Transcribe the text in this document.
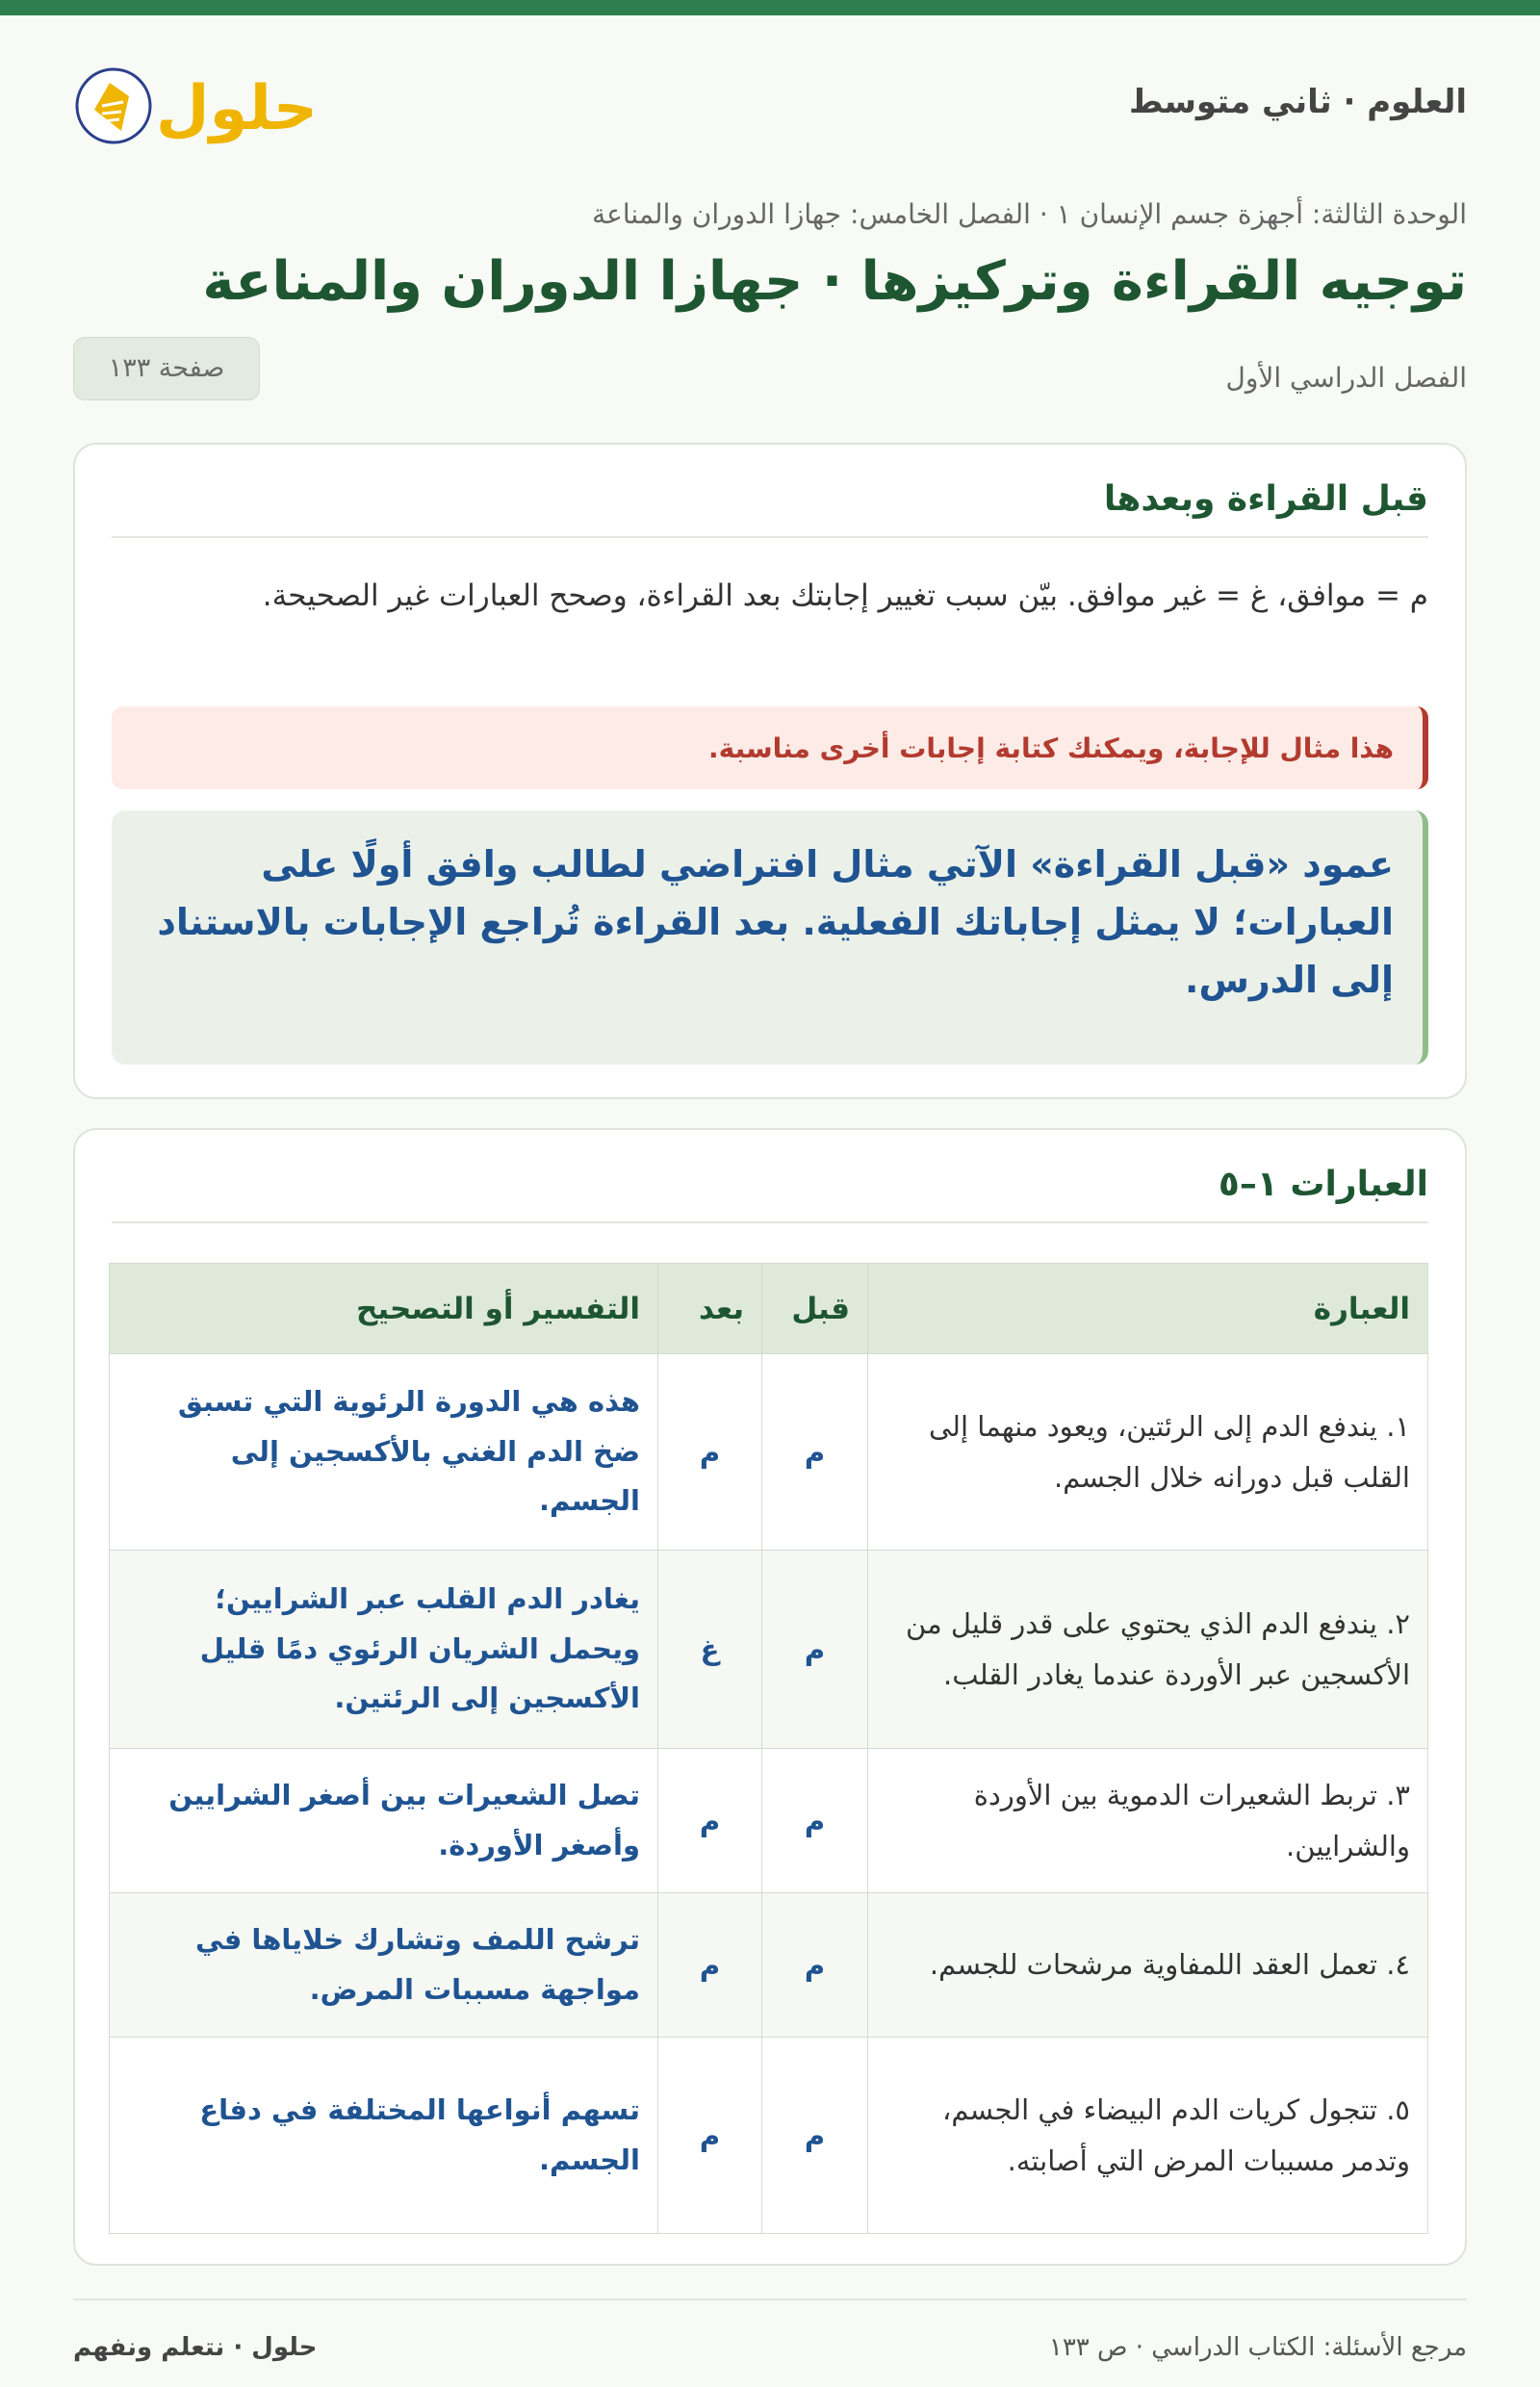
العلوم · ثاني متوسط
حلول
الوحدة الثالثة: أجهزة جسم الإنسان ١ · الفصل الخامس: جهازا الدوران والمناعة
توجيه القراءة وتركيزها · جهازا الدوران والمناعة
الفصل الدراسي الأول
صفحة ١٣٣
قبل القراءة وبعدها

م = موافق، غ = غير موافق. بيّن سبب تغيير إجابتك بعد القراءة، وصحح العبارات غير الصحيحة.

هذا مثال للإجابة، ويمكنك كتابة إجابات أخرى مناسبة.
عمود «قبل القراءة» الآتي مثال افتراضي لطالب وافق أولًا على العبارات؛ لا يمثل إجاباتك الفعلية. بعد القراءة تُراجع الإجابات بالاستناد إلى الدرس.
العبارات ١–٥
العبارة	قبل	بعد	التفسير أو التصحيح
١. يندفع الدم إلى الرئتين، ويعود منهما إلى القلب قبل دورانه خلال الجسم.	م	م	هذه هي الدورة الرئوية التي تسبق ضخ الدم الغني بالأكسجين إلى الجسم.
٢. يندفع الدم الذي يحتوي على قدر قليل من الأكسجين عبر الأوردة عندما يغادر القلب.	م	غ	يغادر الدم القلب عبر الشرايين؛ ويحمل الشريان الرئوي دمًا قليل الأكسجين إلى الرئتين.
٣. تربط الشعيرات الدموية بين الأوردة والشرايين.	م	م	تصل الشعيرات بين أصغر الشرايين وأصغر الأوردة.
٤. تعمل العقد اللمفاوية مرشحات للجسم.	م	م	ترشح اللمف وتشارك خلاياها في مواجهة مسببات المرض.
٥. تتجول كريات الدم البيضاء في الجسم، وتدمر مسببات المرض التي أصابته.	م	م	تسهم أنواعها المختلفة في دفاع الجسم.
مرجع الأسئلة: الكتاب الدراسي · ص ١٣٣
حلول · نتعلم ونفهم
